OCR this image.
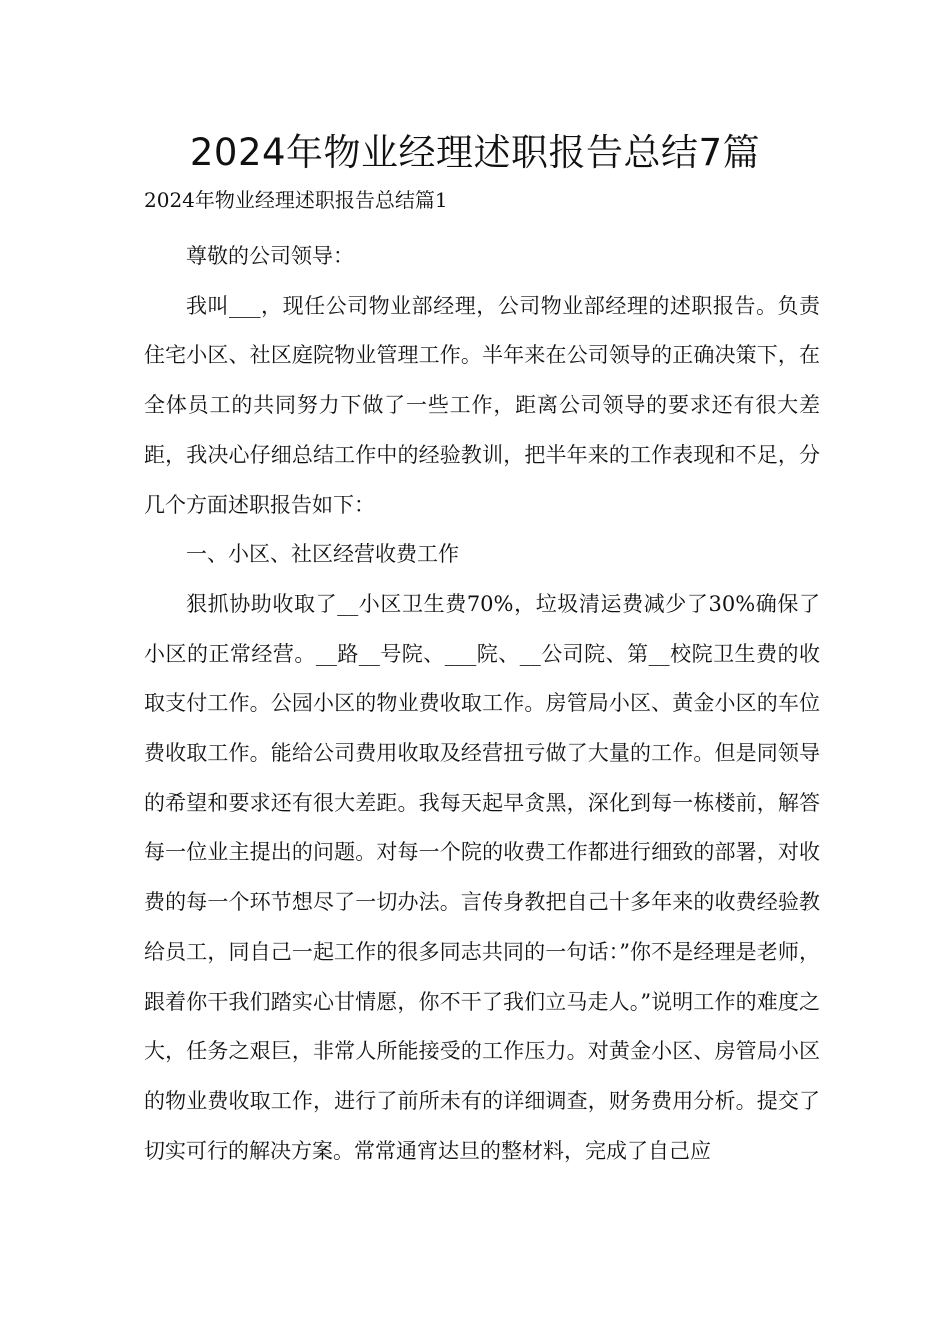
2024年物业经理述职报告总结7篇

2024年物业经理述职报告总结篇1

尊敬的公司领导：

我叫___，现任公司物业部经理，公司物业部经理的述职报告。负责住宅小区、社区庭院物业管理工作。半年来在公司领导的正确决策下，在全体员工的共同努力下做了一些工作，距离公司领导的要求还有很大差距，我决心仔细总结工作中的经验教训，把半年来的工作表现和不足，分几个方面述职报告如下：

一、小区、社区经营收费工作

狠抓协助收取了__小区卫生费70%，垃圾清运费减少了30%确保了小区的正常经营。__路__号院、___院、__公司院、第__校院卫生费的收取支付工作。公园小区的物业费收取工作。房管局小区、黄金小区的车位费收取工作。能给公司费用收取及经营扭亏做了大量的工作。但是同领导的希望和要求还有很大差距。我每天起早贪黑，深化到每一栋楼前，解答每一位业主提出的问题。对每一个院的收费工作都进行细致的部署，对收费的每一个环节想尽了一切办法。言传身教把自己十多年来的收费经验教给员工，同自己一起工作的很多同志共同的一句话：”你不是经理是老师，跟着你干我们踏实心甘情愿，你不干了我们立马走人。”说明工作的难度之大，任务之艰巨，非常人所能接受的工作压力。对黄金小区、房管局小区的物业费收取工作，进行了前所未有的详细调查，财务费用分析。提交了切实可行的解决方案。常常通宵达旦的整材料，完成了自己应
